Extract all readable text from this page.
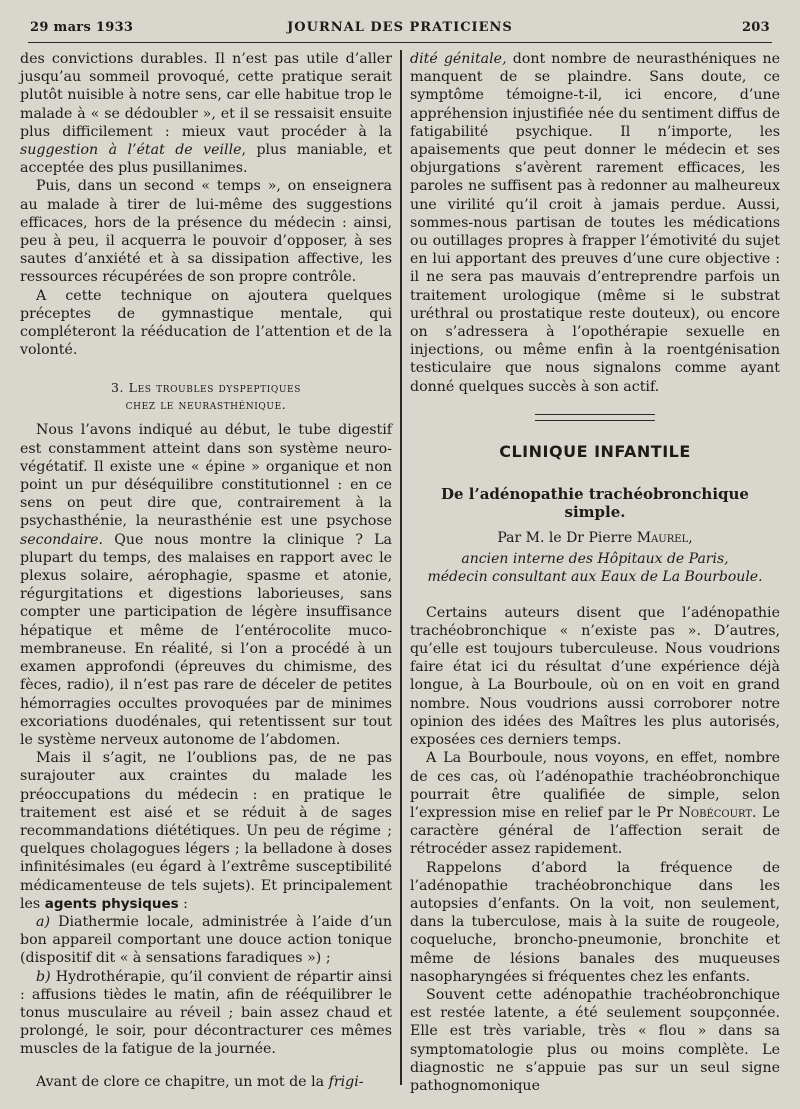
29 mars 1933	JOURNAL DES PRATICIENS	203

des convictions durables. Il n’est pas utile d’aller jusqu’au sommeil provoqué, cette pratique serait plutôt nuisible à notre sens, car elle habitue trop le malade à « se dédoubler », et il se ressaisit ensuite plus difficilement : mieux vaut procéder à la suggestion à l’état de veille, plus maniable, et acceptée des plus pusillanimes.

Puis, dans un second « temps », on enseignera au malade à tirer de lui-même des suggestions efficaces, hors de la présence du médecin : ainsi, peu à peu, il acquerra le pouvoir d’opposer, à ses sautes d’anxiété et à sa dissipation affective, les ressources récupérées de son propre contrôle.

A cette technique on ajoutera quelques préceptes de gymnastique mentale, qui compléteront la rééducation de l’attention et de la volonté.

3. Les troubles dyspeptiques
chez le neurasthénique.

Nous l’avons indiqué au début, le tube digestif est constamment atteint dans son système neuro-végétatif. Il existe une « épine » organique et non point un pur déséquilibre constitutionnel : en ce sens on peut dire que, contrairement à la psychasthénie, la neurasthénie est une psychose secondaire. Que nous montre la clinique ? La plupart du temps, des malaises en rapport avec le plexus solaire, aérophagie, spasme et atonie, régurgitations et digestions laborieuses, sans compter une participation de légère insuffisance hépatique et même de l’entérocolite muco-membraneuse. En réalité, si l’on a procédé à un examen approfondi (épreuves du chimisme, des fèces, radio), il n’est pas rare de déceler de petites hémorragies occultes provoquées par de minimes excoriations duodénales, qui retentissent sur tout le système nerveux autonome de l’abdomen.

Mais il s’agit, ne l’oublions pas, de ne pas surajouter aux craintes du malade les préoccupations du médecin : en pratique le traitement est aisé et se réduit à de sages recommandations diététiques. Un peu de régime ; quelques cholagogues légers ; la belladone à doses infinitésimales (eu égard à l’extrême susceptibilité médicamenteuse de tels sujets). Et principalement les agents physiques :

a) Diathermie locale, administrée à l’aide d’un bon appareil comportant une douce action tonique (dispositif dit « à sensations faradiques ») ;

b) Hydrothérapie, qu’il convient de répartir ainsi : affusions tièdes le matin, afin de rééquilibrer le tonus musculaire au réveil ; bain assez chaud et prolongé, le soir, pour décontracturer ces mêmes muscles de la fatigue de la journée.

Avant de clore ce chapitre, un mot de la frigi-

dité génitale, dont nombre de neurasthéniques ne manquent de se plaindre. Sans doute, ce symptôme témoigne-t-il, ici encore, d’une appréhension injustifiée née du sentiment diffus de fatigabilité psychique. Il n’importe, les apaisements que peut donner le médecin et ses objurgations s’avèrent rarement efficaces, les paroles ne suffisent pas à redonner au malheureux une virilité qu’il croit à jamais perdue. Aussi, sommes-nous partisan de toutes les médications ou outillages propres à frapper l’émotivité du sujet en lui apportant des preuves d’une cure objective : il ne sera pas mauvais d’entreprendre parfois un traitement urologique (même si le substrat uréthral ou prostatique reste douteux), ou encore on s’adressera à l’opothérapie sexuelle en injections, ou même enfin à la roentgénisation testiculaire que nous signalons comme ayant donné quelques succès à son actif.

CLINIQUE INFANTILE
De l’adénopathie trachéobronchique simple.
Par M. le Dr Pierre Maurel,
ancien interne des Hôpitaux de Paris,
médecin consultant aux Eaux de La Bourboule.

Certains auteurs disent que l’adénopathie trachéobronchique « n’existe pas ». D’autres, qu’elle est toujours tuberculeuse. Nous voudrions faire état ici du résultat d’une expérience déjà longue, à La Bourboule, où on en voit en grand nombre. Nous voudrions aussi corroborer notre opinion des idées des Maîtres les plus autorisés, exposées ces derniers temps.

A La Bourboule, nous voyons, en effet, nombre de ces cas, où l’adénopathie trachéobronchique pourrait être qualifiée de simple, selon l’expression mise en relief par le Pr Nobécourt. Le caractère général de l’affection serait de rétrocéder assez rapidement.

Rappelons d’abord la fréquence de l’adénopathie trachéobronchique dans les autopsies d’enfants. On la voit, non seulement, dans la tuberculose, mais à la suite de rougeole, coqueluche, broncho-pneumonie, bronchite et même de lésions banales des muqueuses nasopharyngées si fréquentes chez les enfants.

Souvent cette adénopathie trachéobronchique est restée latente, a été seulement soupçonnée. Elle est très variable, très « flou » dans sa symptomatologie plus ou moins complète. Le diagnostic ne s’appuie pas sur un seul signe pathognomonique
